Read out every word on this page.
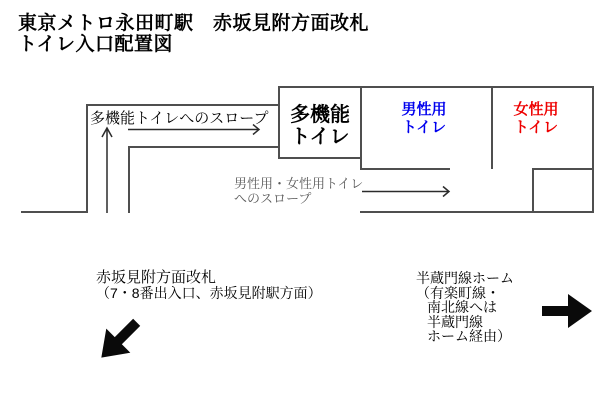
東京メトロ永田町駅　赤坂見附方面改札
トイレ入口配置図
多機能トイレへのスロープ	多機能
トイレ
男性用
トイレ
女性用
トイレ
男性用・女性用トイレ
へのスロープ
赤坂見附方面改札
（7・8番出入口、赤坂見附駅方面）
半蔵門線ホーム
（有楽町線・
南北線へは
半蔵門線
ホーム経由）
